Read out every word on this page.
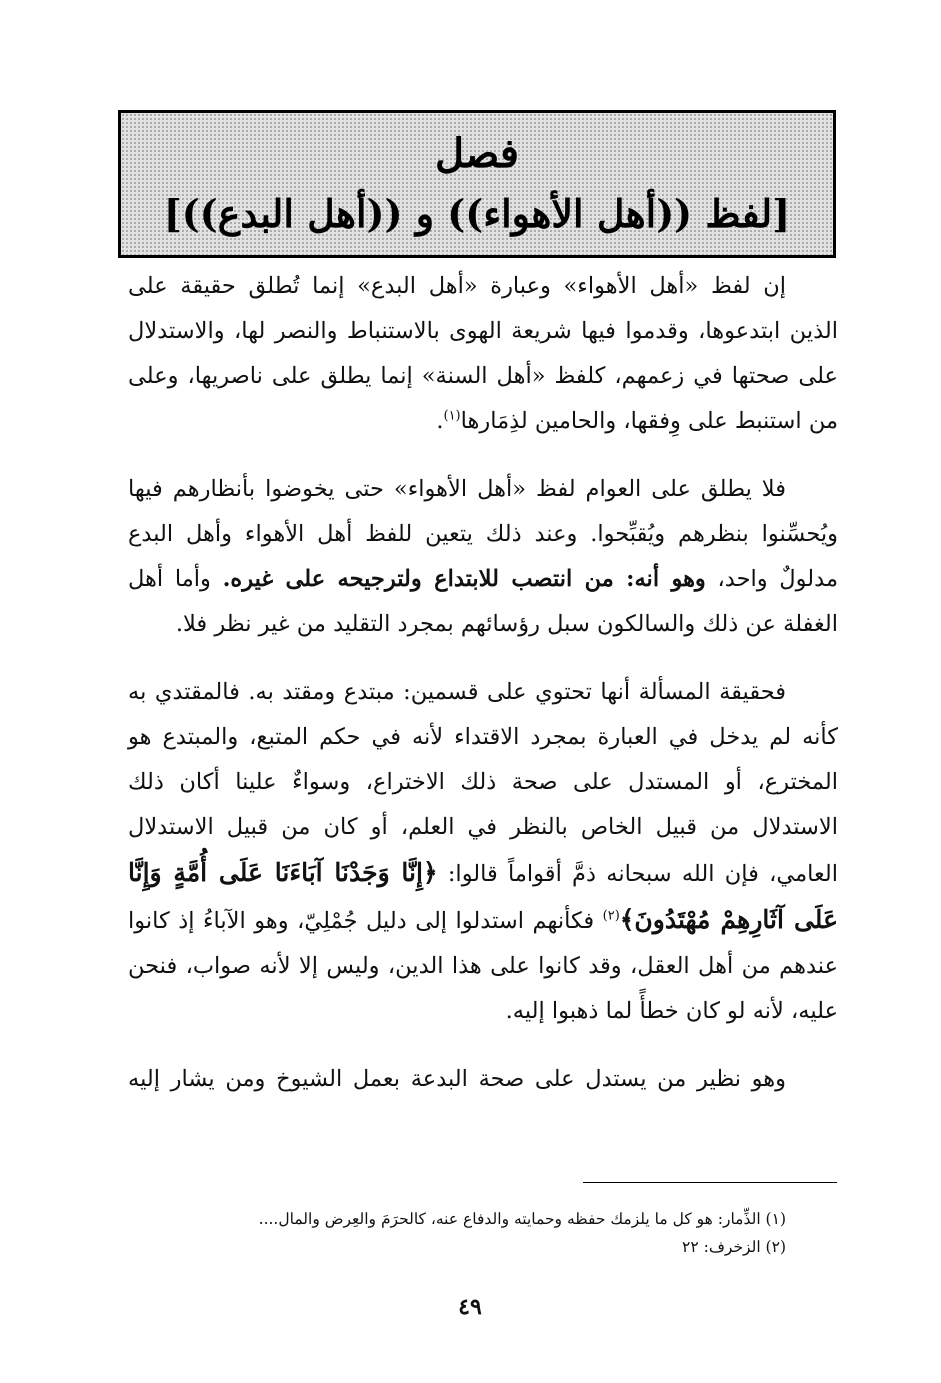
فصل
[لفظ ((أهل الأهواء)) و ((أهل البدع))]

إن لفظ «أهل الأهواء» وعبارة «أهل البدع» إنما تُطلق حقيقة على الذين ابتدعوها، وقدموا فيها شريعة الهوى بالاستنباط والنصر لها، والاستدلال على صحتها في زعمهم، كلفظ «أهل السنة» إنما يطلق على ناصريها، وعلى من استنبط على وِفقها، والحامين لذِمَارها$^{(١)}$.

فلا يطلق على العوام لفظ «أهل الأهواء» حتى يخوضوا بأنظارهم فيها ويُحسِّنوا بنظرهم ويُقبِّحوا. وعند ذلك يتعين للفظ أهل الأهواء وأهل البدع مدلولٌ واحد، وهو أنه: من انتصب للابتداع ولترجيحه على غيره. وأما أهل الغفلة عن ذلك والسالكون سبل رؤسائهم بمجرد التقليد من غير نظر فلا.

فحقيقة المسألة أنها تحتوي على قسمين: مبتدع ومقتد به. فالمقتدي به كأنه لم يدخل في العبارة بمجرد الاقتداء لأنه في حكم المتبع، والمبتدع هو المخترع، أو المستدل على صحة ذلك الاختراع، وسواءٌ علينا أكان ذلك الاستدلال من قبيل الخاص بالنظر في العلم، أو كان من قبيل الاستدلال العامي، فإن الله سبحانه ذمَّ أقواماً قالوا: ﴿إِنَّا وَجَدْنَا آبَاءَنَا عَلَى أُمَّةٍ وَإِنَّا عَلَى آثَارِهِمْ مُهْتَدُونَ﴾$^{(٢)}$ فكأنهم استدلوا إلى دليل جُمْلِيّ، وهو الآباءُ إذ كانوا عندهم من أهل العقل، وقد كانوا على هذا الدين، وليس إلا لأنه صواب، فنحن عليه، لأنه لو كان خطأً لما ذهبوا إليه.

وهو نظير من يستدل على صحة البدعة بعمل الشيوخ ومن يشار إليه

(١) الذِّمار: هو كل ما يلزمك حفظه وحمايته والدفاع عنه، كالحرَمَ والعِرض والمال....
(٢) الزخرف: ٢٢
٤٩
